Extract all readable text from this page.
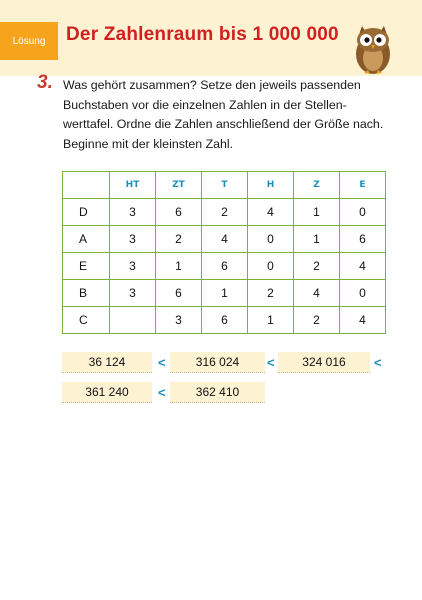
Lösung	Der Zahlenraum bis 1 000 000
3. Was gehört zusammen? Setze den jeweils passenden
Buchstaben vor die einzelnen Zahlen in der Stellen-
werttafel. Ordne die Zahlen anschließend der Größe nach.
Beginne mit der kleinsten Zahl.
	HT	ZT	T	H	Z	E
D	3	6	2	4	1	0
A	3	2	4	0	1	6
E	3	1	6	0	2	4
B	3	6	1	2	4	0
C		3	6	1	2	4
36 124	<	316 024	<	324 016	<
361 240	<	362 410
